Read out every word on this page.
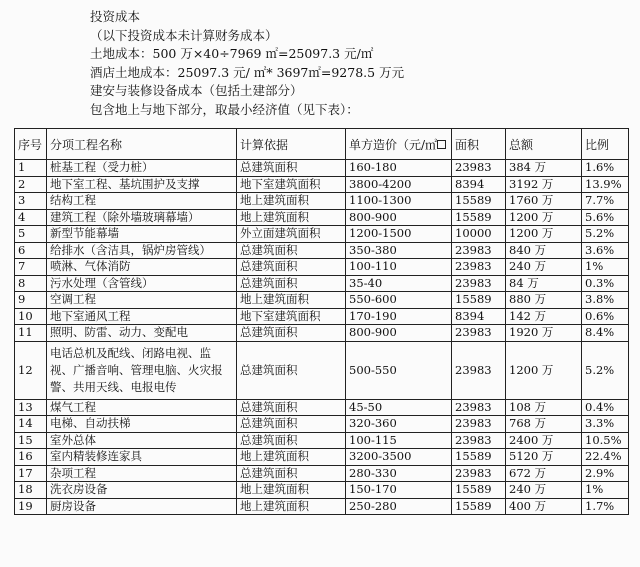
投资成本
（以下投资成本未计算财务成本）
土地成本：500 万×40÷7969 ㎡=25097.3 元/㎡
酒店土地成本：25097.3 元/ ㎡* 3697㎡=9278.5 万元
建安与装修设备成本（包括土建部分）
包含地上与地下部分，取最小经济值（见下表）：
序号	分项工程名称	计算依据	单方造价（元/㎡	面积	总额	比例
1	桩基工程（受力桩）	总建筑面积	160-180	23983	384 万	1.6%
2	地下室工程、基坑围护及支撑	地下室建筑面积	3800-4200	8394	3192 万	13.9%
3	结构工程	地上建筑面积	1100-1300	15589	1760 万	7.7%
4	建筑工程（除外墙玻璃幕墙）	地上建筑面积	800-900	15589	1200 万	5.6%
5	新型节能幕墙	外立面建筑面积	1200-1500	10000	1200 万	5.2%
6	给排水（含洁具，锅炉房管线）	总建筑面积	350-380	23983	840 万	3.6%
7	喷淋、气体消防	总建筑面积	100-110	23983	240 万	1%
8	污水处理（含管线）	总建筑面积	35-40	23983	84 万	0.3%
9	空调工程	地上建筑面积	550-600	15589	880 万	3.8%
10	地下室通风工程	地下室建筑面积	170-190	8394	142 万	0.6%
11	照明、防雷、动力、变配电	总建筑面积	800-900	23983	1920 万	8.4%
12	电话总机及配线、闭路电视、监视、广播音响、管理电脑、火灾报警、共用天线、电报电传	总建筑面积	500-550	23983	1200 万	5.2%
13	煤气工程	总建筑面积	45-50	23983	108 万	0.4%
14	电梯、自动扶梯	总建筑面积	320-360	23983	768 万	3.3%
15	室外总体	总建筑面积	100-115	23983	2400 万	10.5%
16	室内精装修连家具	地上建筑面积	3200-3500	15589	5120 万	22.4%
17	杂项工程	总建筑面积	280-330	23983	672 万	2.9%
18	洗衣房设备	地上建筑面积	150-170	15589	240 万	1%
19	厨房设备	地上建筑面积	250-280	15589	400 万	1.7%
